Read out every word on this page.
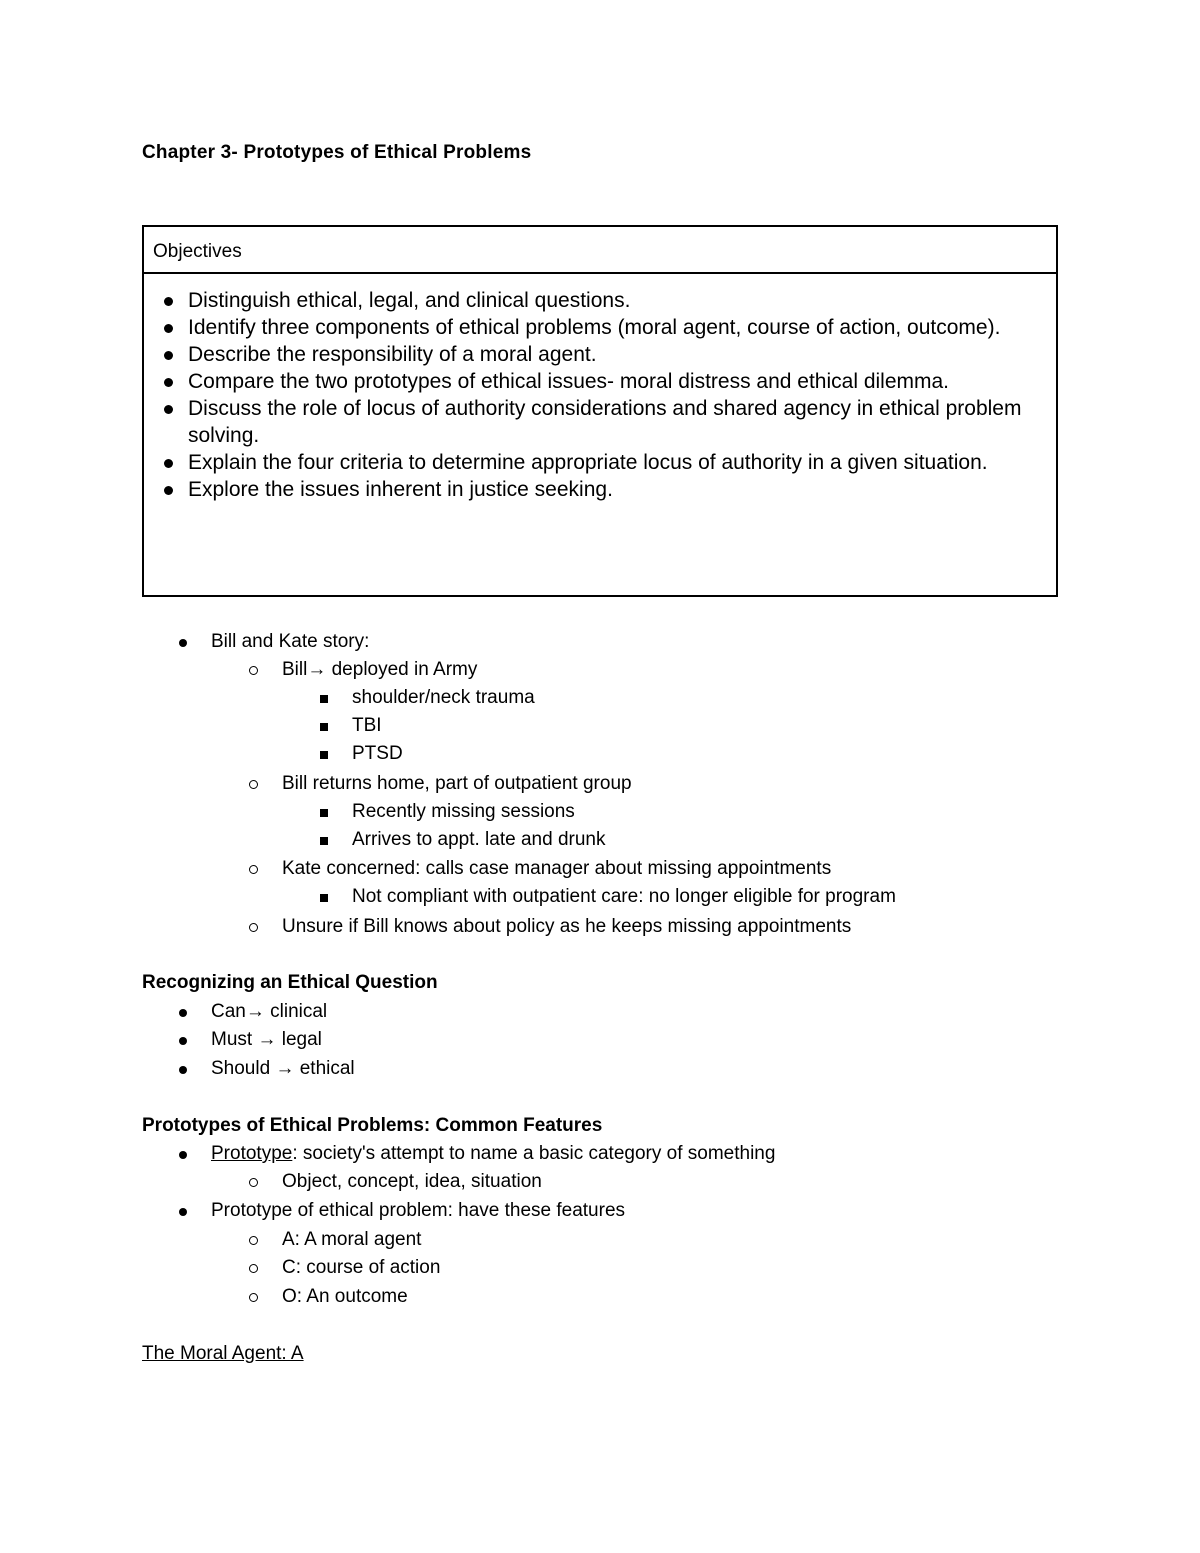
Chapter 3- Prototypes of Ethical Problems
Objectives
Distinguish ethical, legal, and clinical questions.
Identify three components of ethical problems (moral agent, course of action, outcome).
Describe the responsibility of a moral agent.
Compare the two prototypes of ethical issues- moral distress and ethical dilemma.
Discuss the role of locus of authority considerations and shared agency in ethical problem solving.
Explain the four criteria to determine appropriate locus of authority in a given situation.
Explore the issues inherent in justice seeking.
Bill and Kate story:
Bill→ deployed in Army
shoulder/neck trauma
TBI
PTSD
Bill returns home, part of outpatient group
Recently missing sessions
Arrives to appt. late and drunk
Kate concerned: calls case manager about missing appointments
Not compliant with outpatient care: no longer eligible for program
Unsure if Bill knows about policy as he keeps missing appointments
Recognizing an Ethical Question
Can→ clinical
Must → legal
Should → ethical
Prototypes of Ethical Problems: Common Features
Prototype: society's attempt to name a basic category of something
Object, concept, idea, situation
Prototype of ethical problem: have these features
A: A moral agent
C: course of action
O: An outcome
The Moral Agent: A
